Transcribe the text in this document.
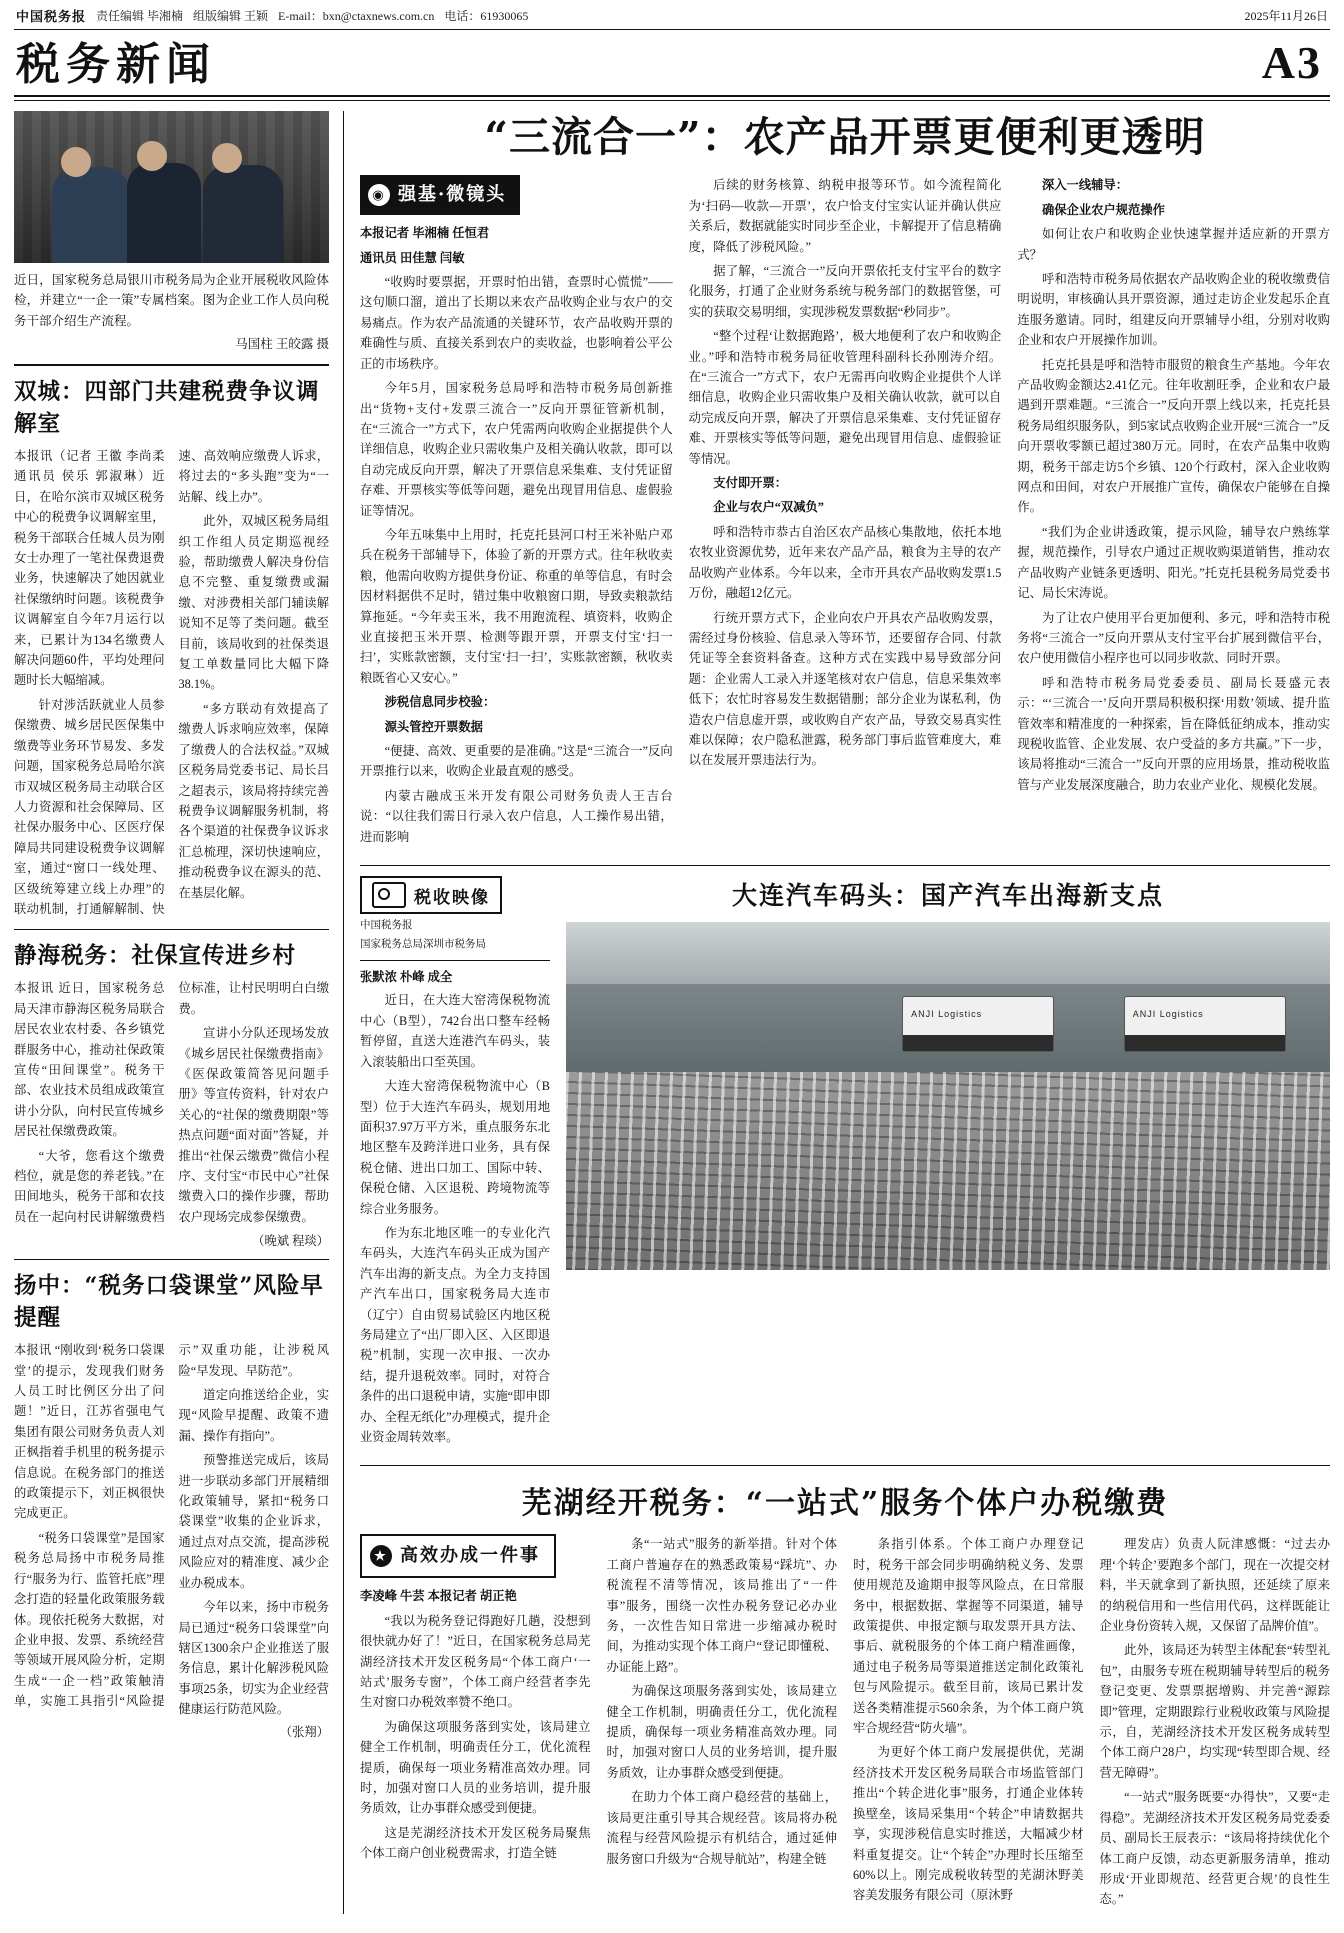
中国税务报 责任编辑 毕湘楠 组版编辑 王颖 E-mail：bxn@ctaxnews.com.cn 电话：61930065	2025年11月26日
税务新闻	A3
近日，国家税务总局银川市税务局为企业开展税收风险体检，并建立“一企一策”专属档案。图为企业工作人员向税务干部介绍生产流程。
马国柱 王皎露 摄
双城：四部门共建税费争议调解室

本报讯（记者 王徽 李尚柔 通讯员 侯乐 郭淑琳）近日，在哈尔滨市双城区税务中心的税费争议调解室里，税务干部联合任城人员为刚女士办理了一笔社保费退费业务，快速解决了她因就业社保缴纳时问题。该税费争议调解室自今年7月运行以来，已累计为134名缴费人解决问题60件，平均处理问题时长大幅缩减。

针对涉活跃就业人员参保缴费、城乡居民医保集中缴费等业务环节易发、多发问题，国家税务总局哈尔滨市双城区税务局主动联合区人力资源和社会保障局、区社保办服务中心、区医疗保障局共同建设税费争议调解室，通过“窗口一线处理、区级统筹建立线上办理”的联动机制，打通解解制、快速、高效响应缴费人诉求，将过去的“多头跑”变为“一站解、线上办”。

此外，双城区税务局组织工作组人员定期巡视经验，帮助缴费人解决身份信息不完整、重复缴费或漏缴、对涉费相关部门辅读解说知不足等了类问题。截至目前，该局收到的社保类退复工单数量同比大幅下降38.1%。

“多方联动有效提高了缴费人诉求响应效率，保障了缴费人的合法权益。”双城区税务局党委书记、局长吕之超表示，该局将持续完善税费争议调解服务机制，将各个渠道的社保费争议诉求汇总梳理，深切快速响应，推动税费争议在源头的范、在基层化解。

静海税务：社保宣传进乡村

本报讯 近日，国家税务总局天津市静海区税务局联合居民农业农村委、各乡镇党群服务中心，推动社保政策宣传“田间课堂”。税务干部、农业技术员组成政策宣讲小分队，向村民宣传城乡居民社保缴费政策。

“大爷，您看这个缴费档位，就是您的养老钱。”在田间地头，税务干部和农技员在一起向村民讲解缴费档位标准，让村民明明白白缴费。

宣讲小分队还现场发放《城乡居民社保缴费指南》《医保政策简答见问题手册》等宣传资料，针对农户关心的“社保的缴费期限”等热点问题“面对面”答疑，并推出“社保云缴费”微信小程序、支付宝“市民中心”社保缴费入口的操作步骤，帮助农户现场完成参保缴费。

（晚斌 程琰）
扬中：“税务口袋课堂”风险早提醒

本报讯 “刚收到‘税务口袋课堂’的提示，发现我们财务人员工时比例区分出了问题！”近日，江苏省强电气集团有限公司财务负责人刘正枫指着手机里的税务提示信息说。在税务部门的推送的政策提示下，刘正枫很快完成更正。

“税务口袋课堂”是国家税务总局扬中市税务局推行“服务为行、监管托底”理念打造的轻量化政策服务载体。现依托税务大数据，对企业申报、发票、系统经营等领域开展风险分析，定期生成“一企一档”政策触清单，实施工具指引“风险提示”双重功能，让涉税风险“早发现、早防范”。

道定向推送给企业，实现“风险早提醒、政策不遗漏、操作有指向”。

预警推送完成后，该局进一步联动多部门开展精细化政策辅导，紧扣“税务口袋课堂”收集的企业诉求，通过点对点交流，提高涉税风险应对的精准度、减少企业办税成本。

今年以来，扬中市税务局已通过“税务口袋课堂”向辖区1300余户企业推送了服务信息，累计化解涉税风险事项25条，切实为企业经营健康运行防范风险。

（张翔）
“三流合一”：农产品开票更便利更透明
◉ 强基·微镜头

本报记者 毕湘楠 任恒君

通讯员 田佳慧 闫敏

“收购时要票据，开票时怕出错，查票时心慌慌”——这句顺口溜，道出了长期以来农产品收购企业与农户的交易痛点。作为农产品流通的关键环节，农产品收购开票的难确性与质、直接关系到农户的卖收益，也影响着公平公正的市场秩序。

今年5月，国家税务总局呼和浩特市税务局创新推出“货物+支付+发票三流合一”反向开票征管新机制，在“三流合一”方式下，农户凭需两向收购企业据提供个人详细信息，收购企业只需收集户及相关确认收款，即可以自动完成反向开票，解决了开票信息采集难、支付凭证留存难、开票核实等低等问题，避免出现冒用信息、虚假验证等情况。

今年五味集中上用时，托克托县河口村王米补贴户邓兵在税务干部辅导下，体验了新的开票方式。往年秋收卖粮，他需向收购方提供身份证、称重的单等信息，有时会因材料据供不足时，错过集中收粮窗口期，导致卖粮款结算拖延。“今年卖玉米，我不用跑流程、填资料，收购企业直接把玉米开票、检测等跟开票，开票支付宝‘扫一扫’，实账款密额，支付宝‘扫一扫’，实账款密额，秋收卖粮既省心又安心。”

涉税信息同步校验：

源头管控开票数据

“便捷、高效、更重要的是准确。”这是“三流合一”反向开票推行以来，收购企业最直观的感受。

内蒙古融成玉米开发有限公司财务负责人王吉台说：“以往我们需日行录入农户信息，人工操作易出错，进而影响

后续的财务核算、纳税申报等环节。如今流程简化为‘扫码—收款—开票’，农户恰支付宝实认证并确认供应关系后，数据就能实时同步至企业，卡解提开了信息精确度，降低了涉税风险。”

据了解，“三流合一”反向开票依托支付宝平台的数字化服务，打通了企业财务系统与税务部门的数据管堡，可实的获取交易明细，实现涉税发票数据“秒同步”。

“整个过程‘让数据跑路’，极大地便利了农户和收购企业。”呼和浩特市税务局征收管理科副科长孙刚涛介绍。在“三流合一”方式下，农户无需再向收购企业提供个人详细信息，收购企业只需收集户及相关确认收款，就可以自动完成反向开票，解决了开票信息采集难、支付凭证留存难、开票核实等低等问题，避免出现冒用信息、虚假验证等情况。

支付即开票：

企业与农户“双减负”

呼和浩特市恭古自治区农产品核心集散地，依托本地农牧业资源优势，近年来农产品产品，粮食为主导的农产品收购产业体系。今年以来，全市开具农产品收购发票1.5万份，融超12亿元。

行统开票方式下，企业向农户开具农产品收购发票，需经过身份核验、信息录入等环节，还要留存合同、付款凭证等全套资料备查。这种方式在实践中易导致部分问题：企业需人工录入并逐笔核对农户信息，信息采集效率低下；农忙时容易发生数据错删；部分企业为谋私利，伪造农户信息虚开票，或收购自产农产品，导致交易真实性难以保障；农户隐私泄露，税务部门事后监管难度大，难以在发展开票违法行为。

深入一线辅导：

确保企业农户规范操作

如何让农户和收购企业快速掌握并适应新的开票方式？

呼和浩特市税务局依据农产品收购企业的税收缴费信明说明，审核确认具开票资源，通过走访企业发起乐企直连服务邀请。同时，组建反向开票辅导小组，分别对收购企业和农户开展操作加训。

托克托县是呼和浩特市服贸的粮食生产基地。今年农产品收购金额达2.41亿元。往年收割旺季，企业和农户最遇到开票难题。“三流合一”反向开票上线以来，托克托县税务局组织服务队，到5家试点收购企业开展“三流合一”反向开票收零额已超过380万元。同时，在农产品集中收购期，税务干部走访5个乡镇、120个行政村，深入企业收购网点和田间，对农户开展推广宣传，确保农户能够在自操作。

“我们为企业讲透政策，提示风险，辅导农户熟练掌握，规范操作，引导农户通过正规收购渠道销售，推动农产品收购产业链条更透明、阳光。”托克托县税务局党委书记、局长宋涛说。

为了让农户使用平台更加便利、多元，呼和浩特市税务将“三流合一”反向开票从支付宝平台扩展到微信平台，农户使用微信小程序也可以同步收款、同时开票。

呼和浩特市税务局党委委员、副局长聂盛元表示：“‘三流合一’反向开票局积极积探‘用数’领域、提升监管效率和精准度的一种探索，旨在降低征纳成本，推动实现税收监管、企业发展、农户受益的多方共赢。”下一步，该局将推动“三流合一”反向开票的应用场景，推动税收监管与产业发展深度融合，助力农业产业化、规模化发展。

税收映像
中国税务报
国家税务总局深圳市税务局

张默浓 朴峰 成全

近日，在大连大窑湾保税物流中心（B型），742台出口整车经畅暂停留，直送大连港汽车码头，装入滚装船出口至英国。

大连大窑湾保税物流中心（B型）位于大连汽车码头，规划用地面积37.97万平方米，重点服务东北地区整车及跨洋进口业务，具有保税仓储、进出口加工、国际中转、保税仓储、入区退税、跨境物流等综合业务服务。

作为东北地区唯一的专业化汽车码头，大连汽车码头正成为国产汽车出海的新支点。为全力支持国产汽车出口，国家税务局大连市（辽宁）自由贸易试验区内地区税务局建立了“出厂即入区、入区即退税”机制，实现一次申报、一次办结，提升退税效率。同时，对符合条件的出口退税申请，实施“即申即办、全程无纸化”办理模式，提升企业资金周转效率。

大连汽车码头：国产汽车出海新支点
ANJI Logistics	ANJI Logistics
芜湖经开税务：“一站式”服务个体户办税缴费
★ 高效办成一件事

李凌峰 牛芸 本报记者 胡正艳

“我以为税务登记得跑好几趟，没想到很快就办好了！”近日，在国家税务总局芜湖经济技术开发区税务局“个体工商户‘一站式’服务专窗”，个体工商户经营者李先生对窗口办税效率赞不绝口。

为确保这项服务落到实处，该局建立健全工作机制，明确责任分工，优化流程提质，确保每一项业务精准高效办理。同时，加强对窗口人员的业务培训，提升服务质效，让办事群众感受到便捷。

这是芜湖经济技术开发区税务局聚焦个体工商户创业税费需求，打造全链

条“一站式”服务的新举措。针对个体工商户普遍存在的熟悉政策易“踩坑”、办税流程不清等情况，该局推出了“一件事”服务，围绕一次性办税务登记必办业务，一次性告知日常进一步缩减办税时间，为推动实现个体工商户“登记即懂税、办证能上路”。

为确保这项服务落到实处，该局建立健全工作机制，明确责任分工，优化流程提质，确保每一项业务精准高效办理。同时，加强对窗口人员的业务培训，提升服务质效，让办事群众感受到便捷。

在助力个体工商户稳经营的基础上，该局更注重引导其合规经营。该局将办税流程与经营风险提示有机结合，通过延伸服务窗口升级为“合规导航站”，构建全链

条指引体系。个体工商户办理登记时，税务干部会同步明确纳税义务、发票使用规范及逾期申报等风险点，在日常服务中，根据数据、掌握等不同渠道，辅导政策提供、申报定额与取发票开具方法、事后、就税服务的个体工商户精准画像，通过电子税务局等渠道推送定制化政策礼包与风险提示。截至目前，该局已累计发送各类精准提示560余条，为个体工商户筑牢合规经营“防火墙”。

为更好个体工商户发展提供优，芜湖经济技术开发区税务局联合市场监管部门推出“个转企进化事”服务，打通企业体转换壁垒，该局采集用“个转企”申请数据共享，实现涉税信息实时推送，大幅减少材料重复提交。让“个转企”办理时长压缩至60%以上。刚完成税收转型的芜湖沐野美容美发服务有限公司（原沐野

理发店）负责人阮津感慨：“过去办理‘个转企’要跑多个部门，现在一次提交材料，半天就拿到了新执照，还延续了原来的纳税信用和一些信用代码，这样既能让企业身份资转入规，又保留了品牌价值”。

此外，该局还为转型主体配套“转型礼包”，由服务专班在税期辅导转型后的税务登记变更、发票票据增购、并完善“源踪即”管理，定期跟踪行业税收政策与风险提示，自，芜湖经济技术开发区税务成转型个体工商户28户，均实现“转型即合规、经营无障碍”。

“一站式”服务既要“办得快”，又要“走得稳”。芜湖经济技术开发区税务局党委委员、副局长王辰表示：“该局将持续优化个体工商户反馈，动态更新服务清单，推动形成‘开业即规范、经营更合规’的良性生态。”
